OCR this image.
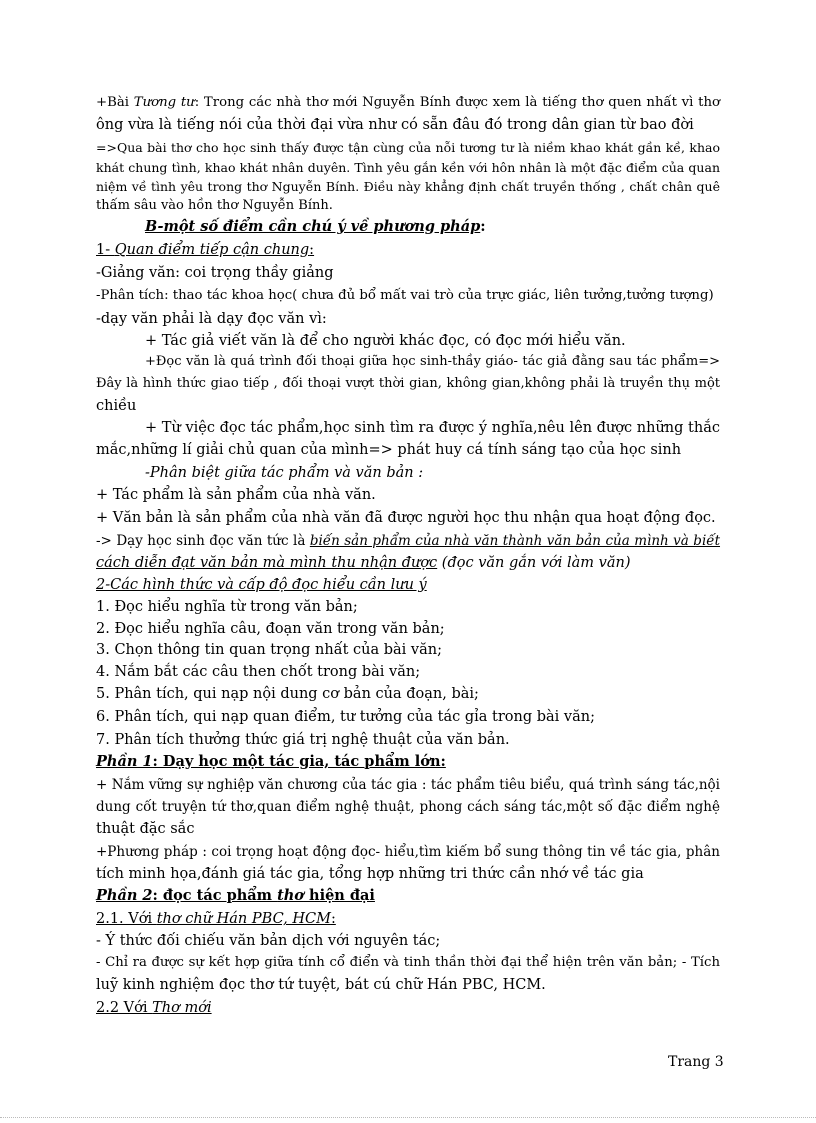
+Bài Tương tư: Trong các nhà thơ mới Nguyễn Bính được xem là tiếng thơ quen nhất vì thơ
ông vừa là tiếng nói của thời đại vừa như có sẵn đâu đó trong dân gian từ bao đời
=>Qua bài thơ cho học sinh thấy được tận cùng của nỗi tương tư là niềm khao khát gần kề, khao
khát chung tình, khao khát nhân duyên. Tình yêu gắn kền với hôn nhân là một đặc điểm của quan
niệm về tình yêu trong thơ Nguyễn Bính. Điều này khẳng định chất truyền thống , chất chân quê
thấm sâu vào hồn thơ Nguyễn Bính.
B-một số điểm cần chú ý về phương pháp:
1- Quan điểm tiếp cận chung:
-Giảng văn: coi trọng thầy giảng
-Phân tích: thao tác khoa học( chưa đủ bổ mất vai trò của trực giác, liên tưởng,tưởng tượng)
-dạy văn phải là dạy đọc văn vì:
+ Tác giả viết văn là để cho người khác đọc, có đọc mới hiểu văn.
+Đọc văn là quá trình đối thoại giữa học sinh-thầy giáo- tác giả đằng sau tác phẩm=>
Đây là hình thức giao tiếp , đối thoại vượt thời gian, không gian,không phải là truyền thụ một
chiều
+ Từ việc đọc tác phẩm,học sinh tìm ra được ý nghĩa,nêu lên được những thắc
mắc,những lí giải chủ quan của mình=> phát huy cá tính sáng tạo của học sinh
-Phân biệt giữa tác phẩm và văn bản :
+ Tác phẩm là sản phẩm của nhà văn.
+ Văn bản là sản phẩm của nhà văn đã được người học thu nhận qua hoạt động đọc.
-> Dạy học sinh đọc văn tức là biến sản phẩm của nhà văn thành văn bản của mình và biết
cách diễn đạt văn bản mà mình thu nhận được (đọc văn gắn với làm văn)
2-Các hình thức và cấp độ đọc hiểu cần lưu ý
1. Đọc hiểu nghĩa từ trong văn bản;
2. Đọc hiểu nghĩa câu, đoạn văn trong văn bản;
3. Chọn thông tin quan trọng nhất của bài văn;
4. Nắm bắt các câu then chốt trong bài văn;
5. Phân tích, qui nạp nội dung cơ bản của đoạn, bài;
6. Phân tích, qui nạp quan điểm, tư tưởng của tác gỉa trong bài văn;
7. Phân tích thưởng thức giá trị nghệ thuật của văn bản.
Phần 1: Dạy học một tác gia, tác phẩm lớn:
+ Nắm vững sự nghiệp văn chương của tác gia : tác phẩm tiêu biểu, quá trình sáng tác,nội
dung cốt truyện tứ thơ,quan điểm nghệ thuật, phong cách sáng tác,một số đặc điểm nghệ
thuật đặc sắc
+Phương pháp : coi trọng hoạt động đọc- hiểu,tìm kiếm bổ sung thông tin về tác gia, phân
tích minh họa,đánh giá tác gia, tổng hợp những tri thức cần nhớ về tác gia
Phần 2: đọc tác phẩm thơ hiện đại
2.1. Với thơ chữ Hán PBC, HCM:
- Ý thức đối chiếu văn bản dịch với nguyên tác;
- Chỉ ra được sự kết hợp giữa tính cổ điển và tinh thần thời đại thể hiện trên văn bản; - Tích
luỹ kinh nghiệm đọc thơ tứ tuyệt, bát cú chữ Hán PBC, HCM.
2.2 Với Thơ mới
Trang 3
